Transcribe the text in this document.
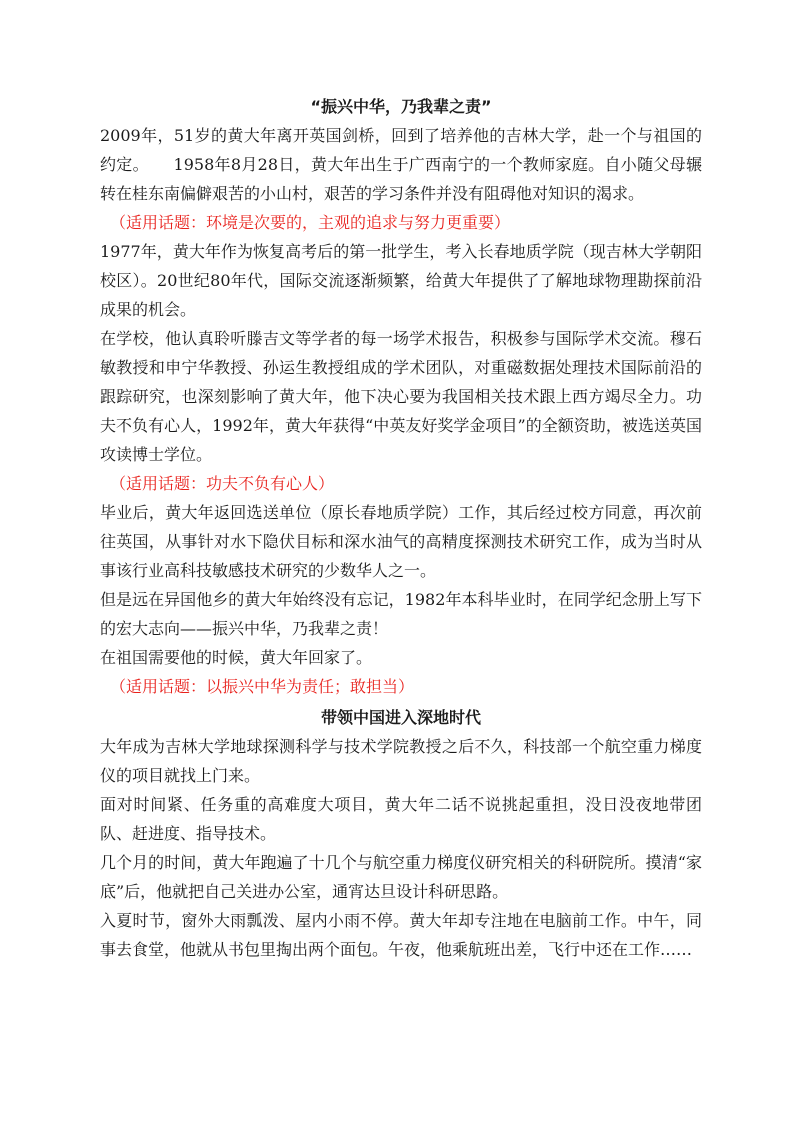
“振兴中华，乃我辈之责”

2009年，51岁的黄大年离开英国剑桥，回到了培养他的吉林大学，赴一个与祖国的约定。　　1958年8月28日，黄大年出生于广西南宁的一个教师家庭。自小随父母辗转在桂东南偏僻艰苦的小山村，艰苦的学习条件并没有阻碍他对知识的渴求。

（适用话题：环境是次要的，主观的追求与努力更重要）

1977年，黄大年作为恢复高考后的第一批学生，考入长春地质学院（现吉林大学朝阳校区）。20世纪80年代，国际交流逐渐频繁，给黄大年提供了了解地球物理勘探前沿成果的机会。

在学校，他认真聆听滕吉文等学者的每一场学术报告，积极参与国际学术交流。穆石敏教授和申宁华教授、孙运生教授组成的学术团队，对重磁数据处理技术国际前沿的跟踪研究，也深刻影响了黄大年，他下决心要为我国相关技术跟上西方竭尽全力。功夫不负有心人，1992年，黄大年获得“中英友好奖学金项目”的全额资助，被选送英国攻读博士学位。

（适用话题：功夫不负有心人）

毕业后，黄大年返回选送单位（原长春地质学院）工作，其后经过校方同意，再次前往英国，从事针对水下隐伏目标和深水油气的高精度探测技术研究工作，成为当时从事该行业高科技敏感技术研究的少数华人之一。

但是远在异国他乡的黄大年始终没有忘记，1982年本科毕业时，在同学纪念册上写下的宏大志向——振兴中华，乃我辈之责！

在祖国需要他的时候，黄大年回家了。

（适用话题：以振兴中华为责任；敢担当）

带领中国进入深地时代

大年成为吉林大学地球探测科学与技术学院教授之后不久，科技部一个航空重力梯度仪的项目就找上门来。

面对时间紧、任务重的高难度大项目，黄大年二话不说挑起重担，没日没夜地带团队、赶进度、指导技术。

几个月的时间，黄大年跑遍了十几个与航空重力梯度仪研究相关的科研院所。摸清“家底”后，他就把自己关进办公室，通宵达旦设计科研思路。

入夏时节，窗外大雨瓢泼、屋内小雨不停。黄大年却专注地在电脑前工作。中午，同事去食堂，他就从书包里掏出两个面包。午夜，他乘航班出差，飞行中还在工作……
